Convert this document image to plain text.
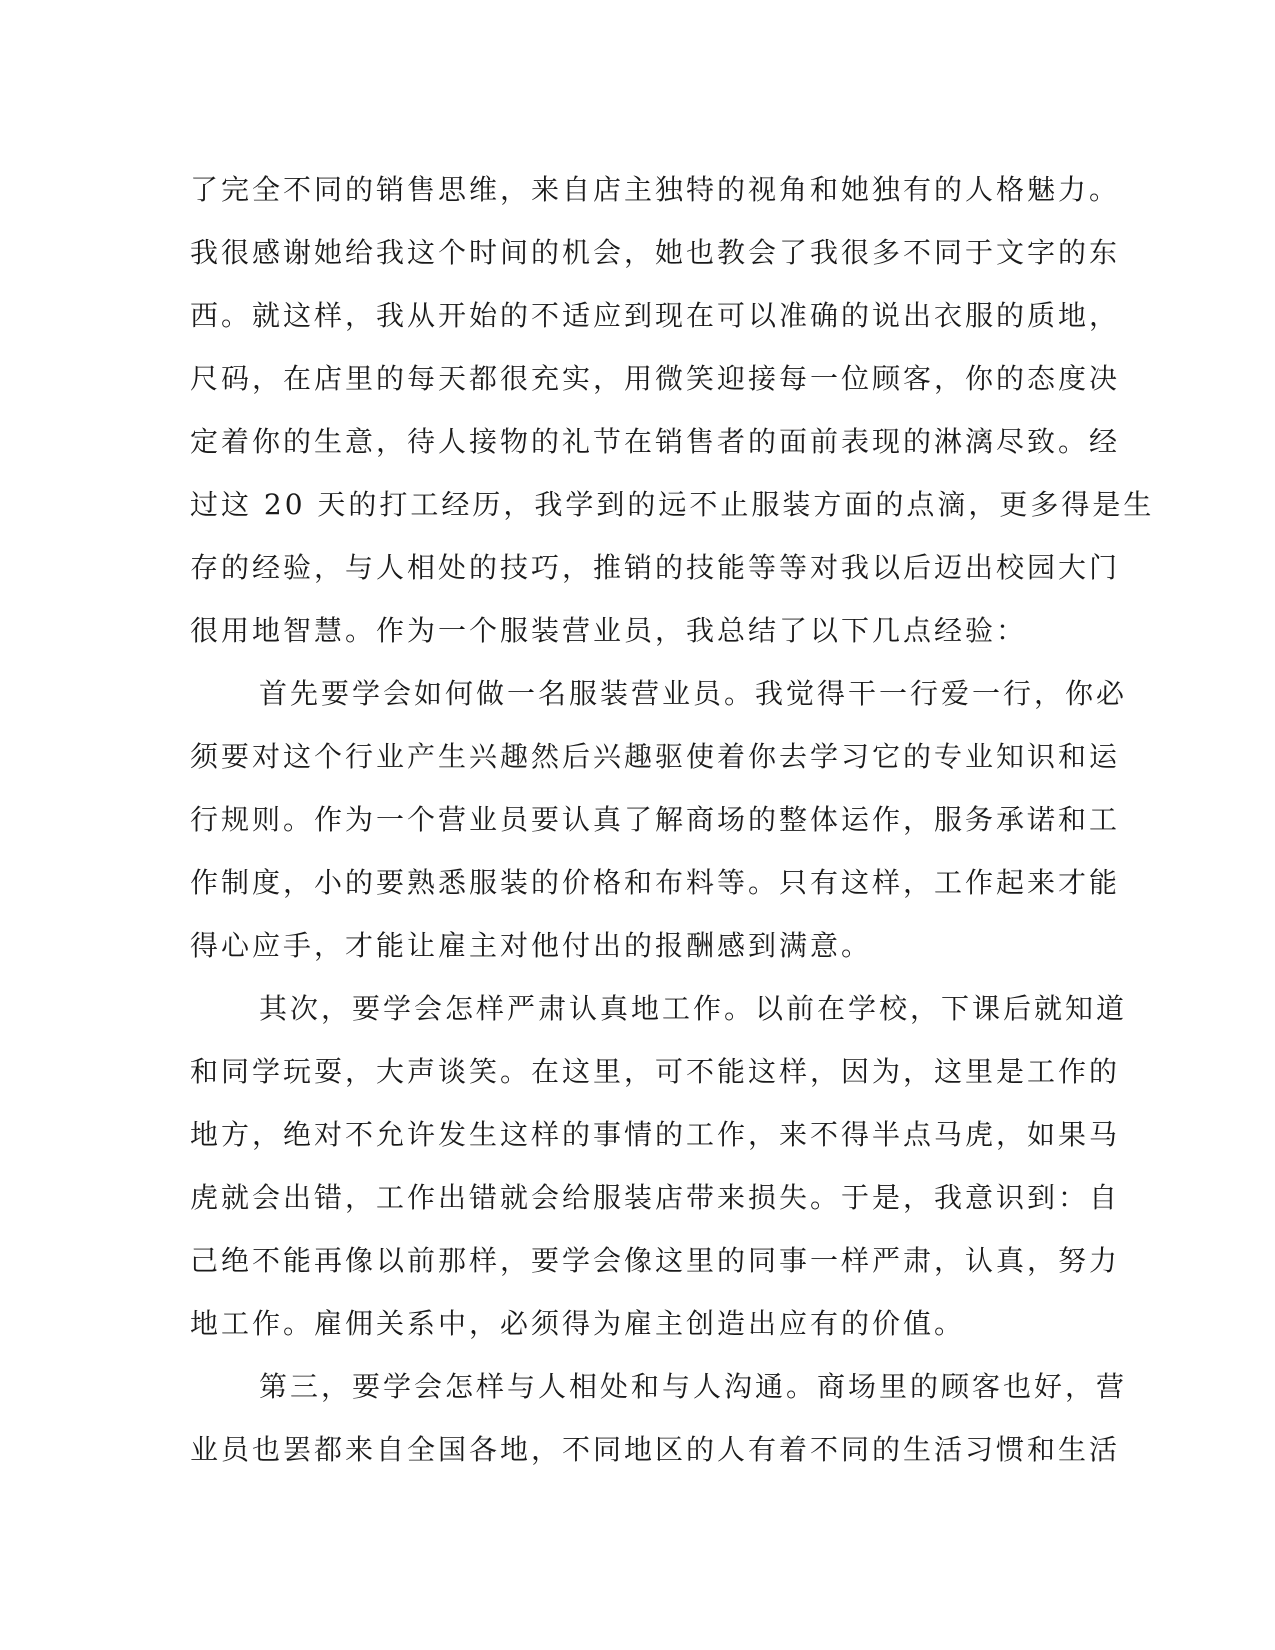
了完全不同的销售思维，来自店主独特的视角和她独有的人格魅力。
我很感谢她给我这个时间的机会，她也教会了我很多不同于文字的东
西。就这样，我从开始的不适应到现在可以准确的说出衣服的质地，
尺码，在店里的每天都很充实，用微笑迎接每一位顾客，你的态度决
定着你的生意，待人接物的礼节在销售者的面前表现的淋漓尽致。经
过这 20 天的打工经历，我学到的远不止服装方面的点滴，更多得是生
存的经验，与人相处的技巧，推销的技能等等对我以后迈出校园大门
很用地智慧。作为一个服装营业员，我总结了以下几点经验：
首先要学会如何做一名服装营业员。我觉得干一行爱一行，你必
须要对这个行业产生兴趣然后兴趣驱使着你去学习它的专业知识和运
行规则。作为一个营业员要认真了解商场的整体运作，服务承诺和工
作制度，小的要熟悉服装的价格和布料等。只有这样，工作起来才能
得心应手，才能让雇主对他付出的报酬感到满意。
其次，要学会怎样严肃认真地工作。以前在学校，下课后就知道
和同学玩耍，大声谈笑。在这里，可不能这样，因为，这里是工作的
地方，绝对不允许发生这样的事情的工作，来不得半点马虎，如果马
虎就会出错，工作出错就会给服装店带来损失。于是，我意识到：自
己绝不能再像以前那样，要学会像这里的同事一样严肃，认真，努力
地工作。雇佣关系中，必须得为雇主创造出应有的价值。
第三，要学会怎样与人相处和与人沟通。商场里的顾客也好，营
业员也罢都来自全国各地，不同地区的人有着不同的生活习惯和生活
